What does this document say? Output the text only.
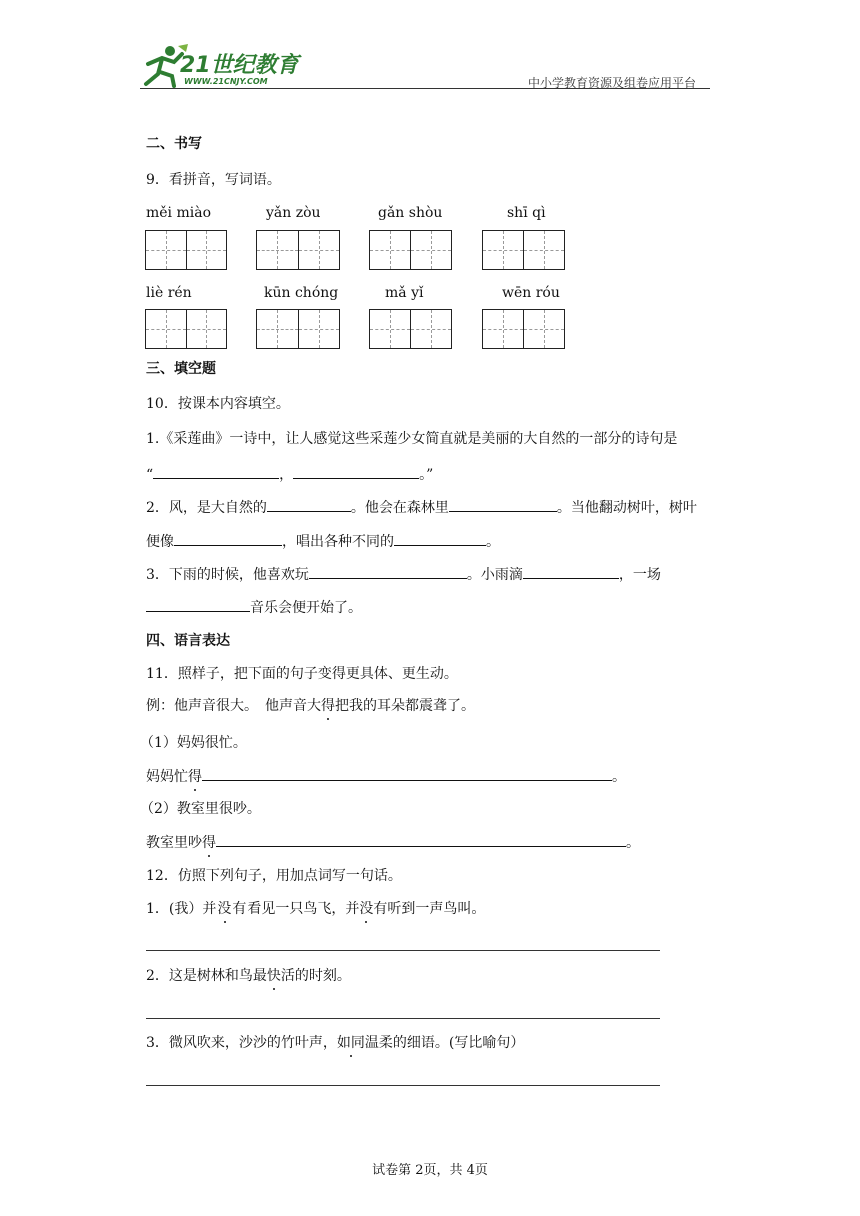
21世纪教育
WWW.21CNJY.COM	中小学教育资源及组卷应用平台
二、书写
9．看拼音，写词语。
měi miào	yǎn zòu	gǎn shòu	shī qì
liè rén	kūn chóng	mǎ yǐ	wēn róu
三、填空题
10．按课本内容填空。
1.《采莲曲》一诗中，让人感觉这些采莲少女简直就是美丽的大自然的一部分的诗句是
“	，	。”
2．风，是大自然的	。他会在森林里	。当他翻动树叶，树叶
便像	，唱出各种不同的	。
3．下雨的时候，他喜欢玩	。小雨滴	，一场
音乐会便开始了。
四、语言表达
11．照样子，把下面的句子变得更具体、更生动。
例：他声音很大。　他声音大得把我的耳朵都震聋了。
（1）妈妈很忙。
妈妈忙得	。
（2）教室里很吵。
教室里吵得	。
12．仿照下列句子，用加点词写一句话。
1．(我）并没有看见一只鸟飞，并没有听到一声鸟叫。
2．这是树林和鸟最快活的时刻。
3．微风吹来，沙沙的竹叶声，如同温柔的细语。(写比喻句）
试卷第 2页，共 4页
